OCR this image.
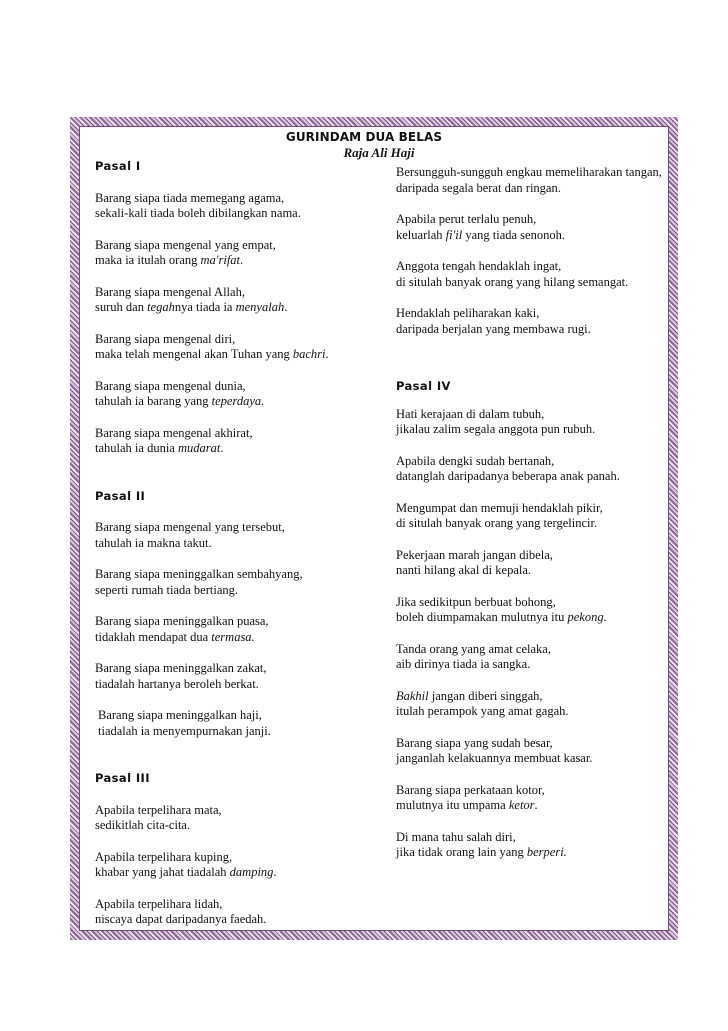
GURINDAM DUA BELAS
Raja Ali Haji
Pasal I
Barang siapa tiada memegang agama,
sekali-kali tiada boleh dibilangkan nama.
Barang siapa mengenal yang empat,
maka ia itulah orang ma'rifat.
Barang siapa mengenal Allah,
suruh dan tegahnya tiada ia menyalah.
Barang siapa mengenal diri,
maka telah mengenal akan Tuhan yang bachri.
Barang siapa mengenal dunia,
tahulah ia barang yang teperdaya.
Barang siapa mengenal akhirat,
tahulah ia dunia mudarat.
Pasal II
Barang siapa mengenal yang tersebut,
tahulah ia makna takut.
Barang siapa meninggalkan sembahyang,
seperti rumah tiada bertiang.
Barang siapa meninggalkan puasa,
tidaklah mendapat dua termasa.
Barang siapa meninggalkan zakat,
tiadalah hartanya beroleh berkat.
Barang siapa meninggalkan haji,
tiadalah ia menyempurnakan janji.
Pasal III
Apabila terpelihara mata,
sedikitlah cita-cita.
Apabila terpelihara kuping,
khabar yang jahat tiadalah damping.
Apabila terpelihara lidah,
niscaya dapat daripadanya faedah.
Bersungguh-sungguh engkau memeliharakan tangan,
daripada segala berat dan ringan.
Apabila perut terlalu penuh,
keluarlah fi'il yang tiada senonoh.
Anggota tengah hendaklah ingat,
di situlah banyak orang yang hilang semangat.
Hendaklah peliharakan kaki,
daripada berjalan yang membawa rugi.
Pasal IV
Hati kerajaan di dalam tubuh,
jikalau zalim segala anggota pun rubuh.
Apabila dengki sudah bertanah,
datanglah daripadanya beberapa anak panah.
Mengumpat dan memuji hendaklah pikir,
di situlah banyak orang yang tergelincir.
Pekerjaan marah jangan dibela,
nanti hilang akal di kepala.
Jika sedikitpun berbuat bohong,
boleh diumpamakan mulutnya itu pekong.
Tanda orang yang amat celaka,
aib dirinya tiada ia sangka.
Bakhil jangan diberi singgah,
itulah perampok yang amat gagah.
Barang siapa yang sudah besar,
janganlah kelakuannya membuat kasar.
Barang siapa perkataan kotor,
mulutnya itu umpama ketor.
Di mana tahu salah diri,
jika tidak orang lain yang berperi.
